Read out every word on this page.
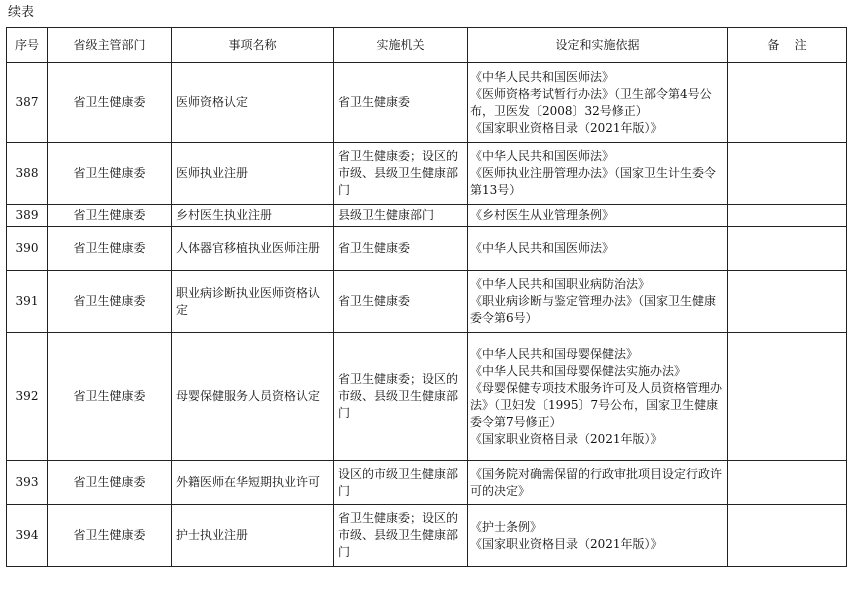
续表
序号	省级主管部门	事项名称	实施机关	设定和实施依据	备    注
387	省卫生健康委	医师资格认定	省卫生健康委	《中华人民共和国医师法》
《医师资格考试暂行办法》（卫生部令第4号公布，卫医发〔2008〕32号修正）
《国家职业资格目录（2021年版）》	

388	省卫生健康委	医师执业注册	省卫生健康委；设区的市级、县级卫生健康部门	《中华人民共和国医师法》
《医师执业注册管理办法》（国家卫生计生委令第13号）	

389	省卫生健康委	乡村医生执业注册	县级卫生健康部门	《乡村医生从业管理条例》	

390	省卫生健康委	人体器官移植执业医师注册	省卫生健康委	《中华人民共和国医师法》	

391	省卫生健康委	职业病诊断执业医师资格认定	省卫生健康委	《中华人民共和国职业病防治法》
《职业病诊断与鉴定管理办法》（国家卫生健康委令第6号）	

392	省卫生健康委	母婴保健服务人员资格认定	省卫生健康委；设区的市级、县级卫生健康部门	《中华人民共和国母婴保健法》
《中华人民共和国母婴保健法实施办法》
《母婴保健专项技术服务许可及人员资格管理办法》（卫妇发〔1995〕7号公布，国家卫生健康委令第7号修正）
《国家职业资格目录（2021年版）》	

393	省卫生健康委	外籍医师在华短期执业许可	设区的市级卫生健康部门	《国务院对确需保留的行政审批项目设定行政许可的决定》	

394	省卫生健康委	护士执业注册	省卫生健康委；设区的市级、县级卫生健康部门	《护士条例》
《国家职业资格目录（2021年版）》	
